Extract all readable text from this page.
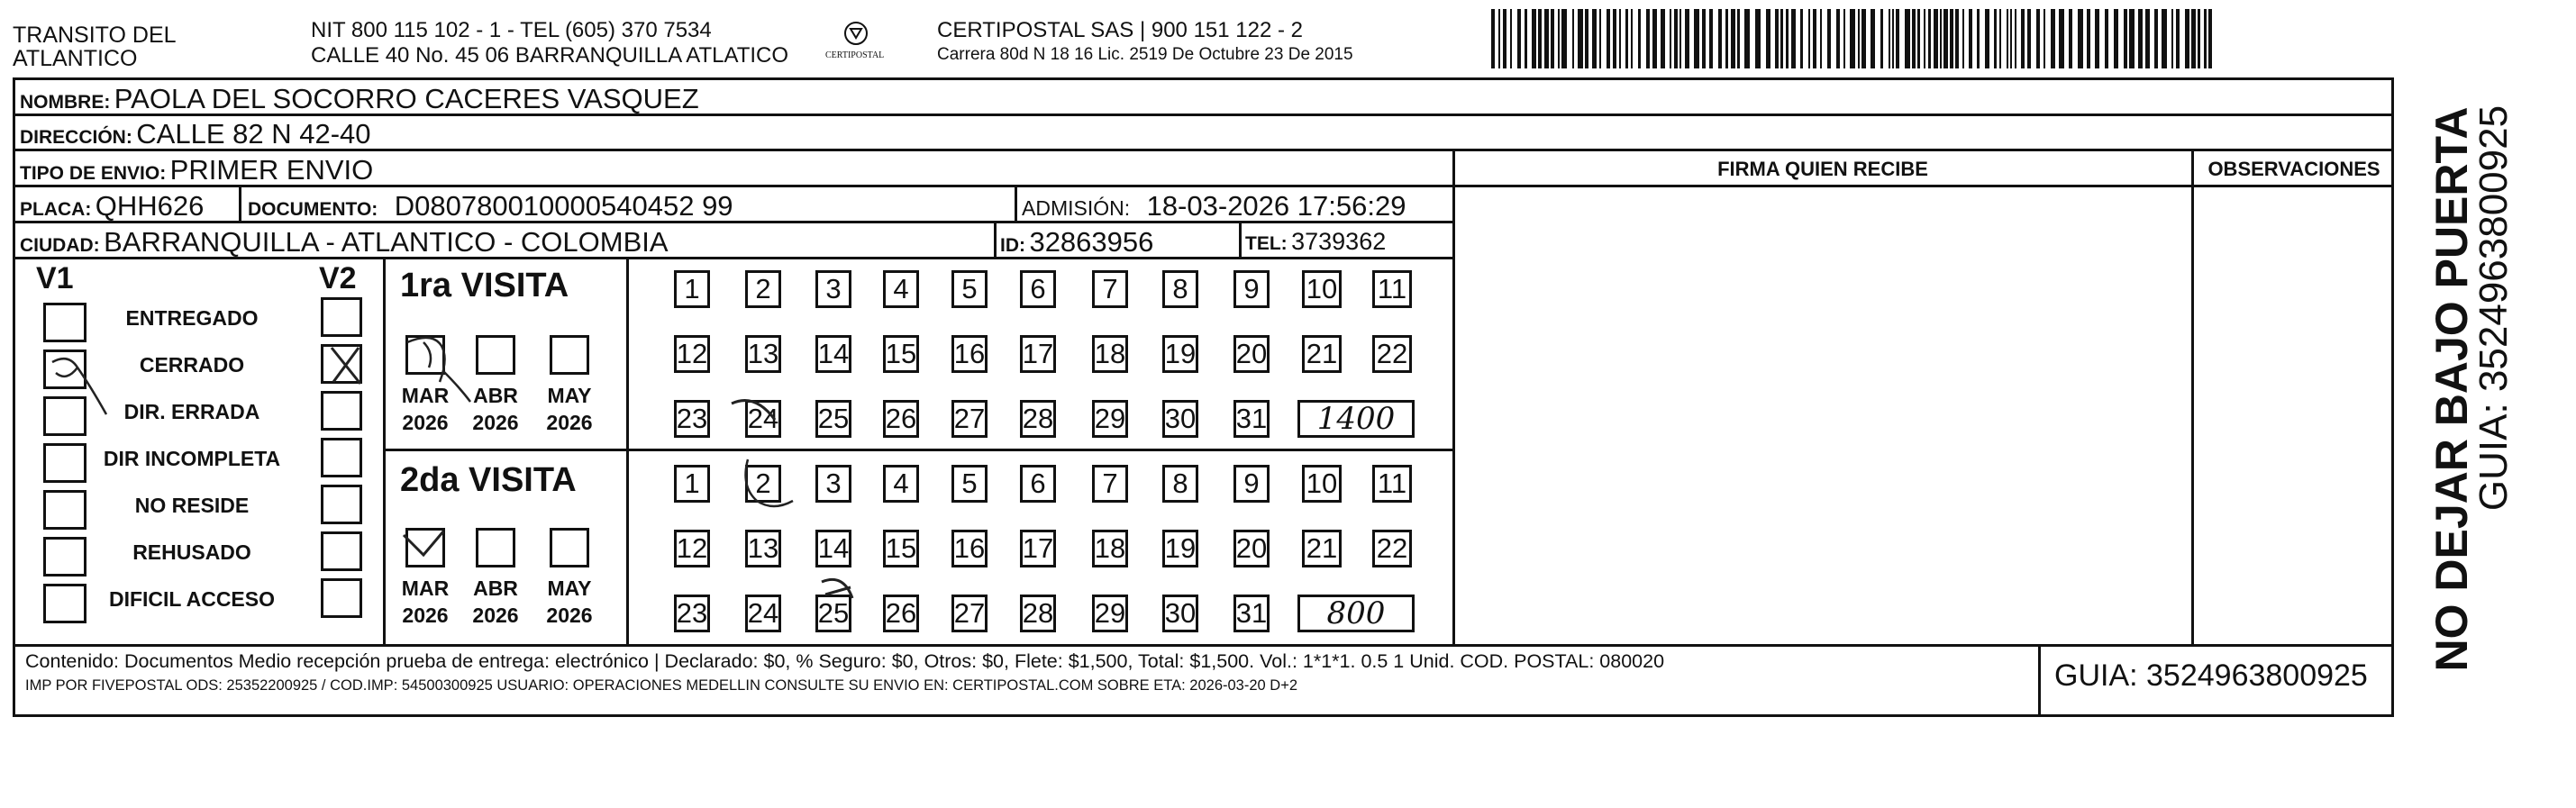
TRANSITO DEL ATLANTICO
NIT 800 115 102 - 1 - TEL (605) 370 7534
CALLE 40 No. 45 06 BARRANQUILLA ATLATICO	CERTIPOSTAL
CERTIPOSTAL SAS | 900 151 122 - 2
Carrera 80d N 18 16 Lic. 2519 De Octubre 23 De 2015
NOMBRE: PAOLA DEL SOCORRO CACERES VASQUEZ
DIRECCIÓN: CALLE 82 N 42-40
TIPO DE ENVIO: PRIMER ENVIO
PLACA: QHH626 DOCUMENTO: D080780010000540452 99	ADMISIÓN: 18-03-2026 17:56:29
CIUDAD: BARRANQUILLA - ATLANTICO - COLOMBIA	ID: 32863956	TEL: 3739362
FIRMA QUIEN RECIBE	OBSERVACIONES
V1	V2
ENTREGADO
CERRADO
DIR. ERRADA
DIR INCOMPLETA
NO RESIDE
REHUSADO
DIFICIL ACCESO
1ra VISITA
MAR
2026
ABR
2026
MAY
2026
1	2	3	4	5	6	7	8	9	10 11
12 13 14 15 16 17 18 19 20 21 22
23 24 25 26 27 28 29 30 31 1400
2da VISITA
MAR
2026
ABR
2026
MAY
2026
1	2	3	4	5	6	7	8	9	10 11
12 13 14 15 16 17 18 19 20 21 22
23 24 25 26 27 28 29 30 31 800
Contenido: Documentos Medio recepción prueba de entrega: electrónico | Declarado: $0, % Seguro: $0, Otros: $0, Flete: $1,500, Total: $1,500. Vol.: 1*1*1. 0.5 1 Unid. COD. POSTAL: 080020
IMP POR FIVEPOSTAL ODS: 25352200925 / COD.IMP: 54500300925 USUARIO: OPERACIONES MEDELLIN CONSULTE SU ENVIO EN: CERTIPOSTAL.COM SOBRE ETA: 2026-03-20 D+2	GUIA: 3524963800925
NO DEJAR BAJO PUERTA
GUIA: 3524963800925
